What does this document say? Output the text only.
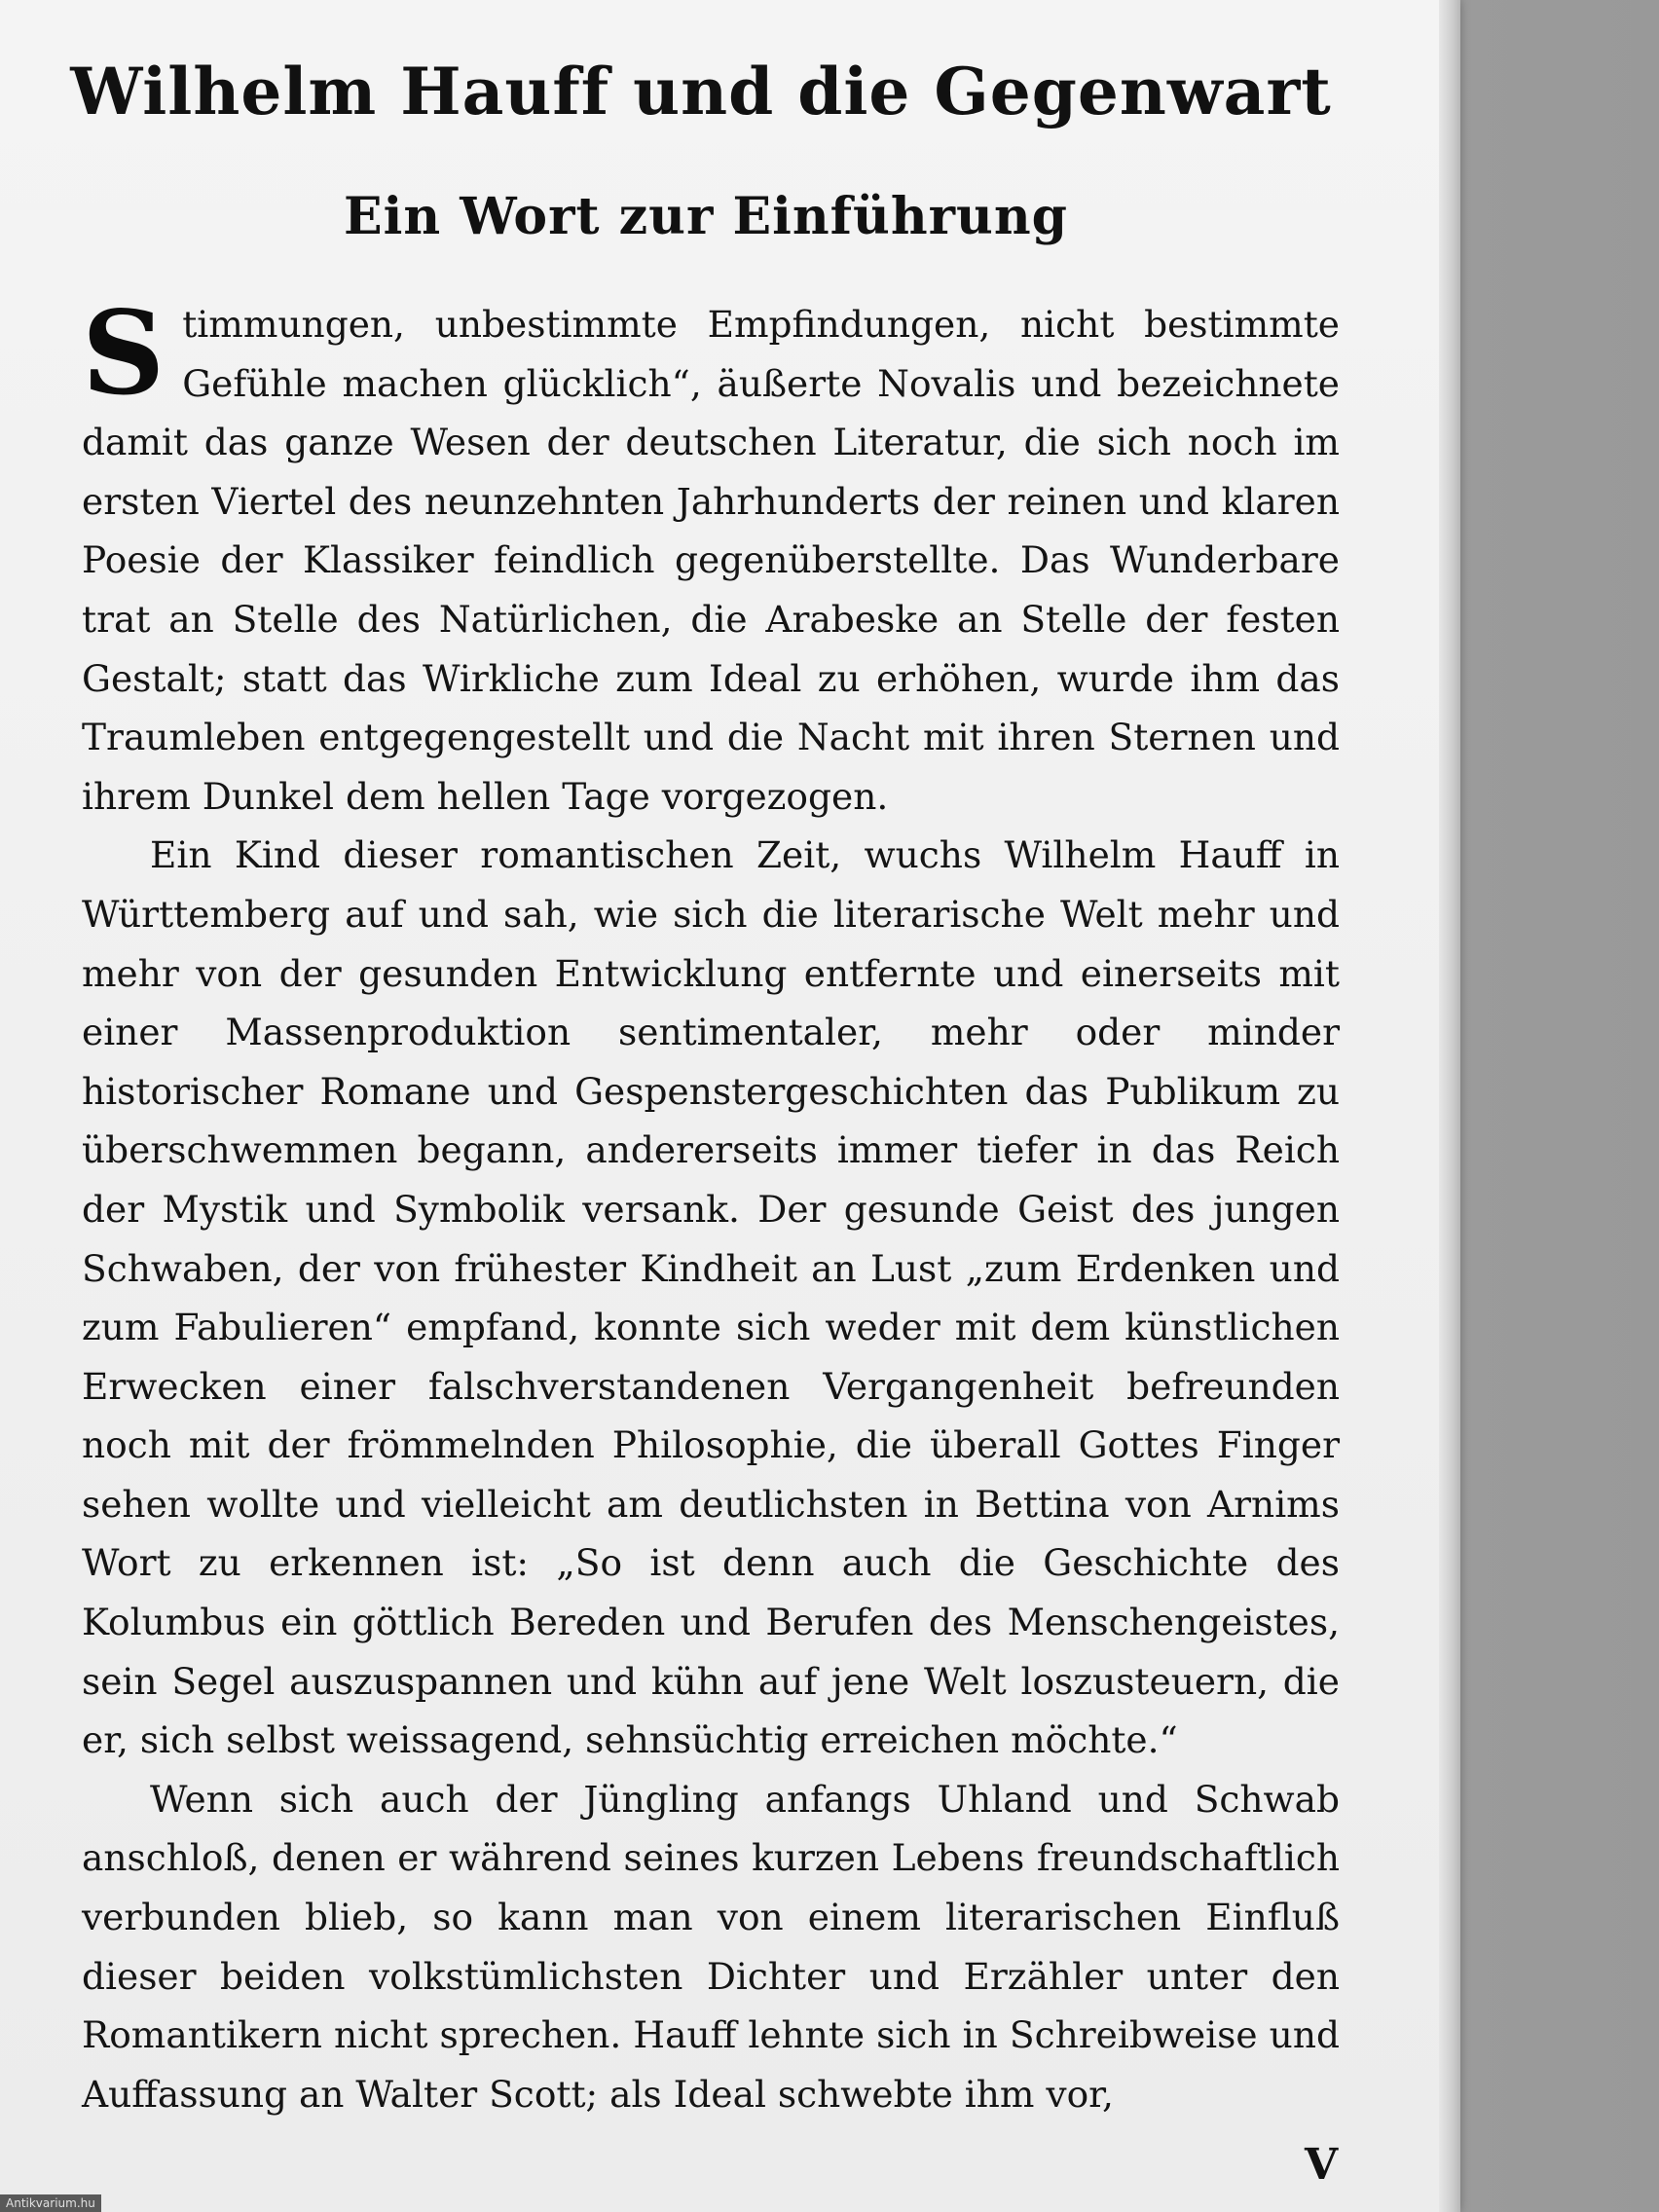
Wilhelm Hauff und die Gegenwart
Ein Wort zur Einführung

Stimmungen, unbestimmte Empfindungen, nicht bestimmte Gefühle machen glücklich“, äußerte Novalis und bezeichnete damit das ganze Wesen der deutschen Literatur, die sich noch im ersten Viertel des neunzehnten Jahrhunderts der reinen und klaren Poesie der Klassiker feindlich gegenüberstellte. Das Wunderbare trat an Stelle des Natürlichen, die Arabeske an Stelle der festen Gestalt; statt das Wirkliche zum Ideal zu erhöhen, wurde ihm das Traumleben entgegengestellt und die Nacht mit ihren Sternen und ihrem Dunkel dem hellen Tage vorgezogen.

Ein Kind dieser romantischen Zeit, wuchs Wilhelm Hauff in Württemberg auf und sah, wie sich die literarische Welt mehr und mehr von der gesunden Entwicklung entfernte und einerseits mit einer Massenproduktion sentimentaler, mehr oder minder historischer Romane und Gespenstergeschichten das Publikum zu überschwemmen begann, andererseits immer tiefer in das Reich der Mystik und Symbolik versank. Der gesunde Geist des jungen Schwaben, der von frühester Kindheit an Lust „zum Erdenken und zum Fabulieren“ empfand, konnte sich weder mit dem künstlichen Erwecken einer falschverstandenen Vergangenheit befreunden noch mit der frömmelnden Philosophie, die überall Gottes Finger sehen wollte und vielleicht am deutlichsten in Bettina von Arnims Wort zu erkennen ist: „So ist denn auch die Geschichte des Kolumbus ein göttlich Bereden und Berufen des Menschengeistes, sein Segel auszuspannen und kühn auf jene Welt loszusteuern, die er, sich selbst weissagend, sehnsüchtig erreichen möchte.“

Wenn sich auch der Jüngling anfangs Uhland und Schwab anschloß, denen er während seines kurzen Lebens freundschaftlich verbunden blieb, so kann man von einem literarischen Einfluß dieser beiden volkstümlichsten Dichter und Erzähler unter den Romantikern nicht sprechen. Hauff lehnte sich in Schreibweise und Auffassung an Walter Scott; als Ideal schwebte ihm vor,

V
Antikvarium.hu
